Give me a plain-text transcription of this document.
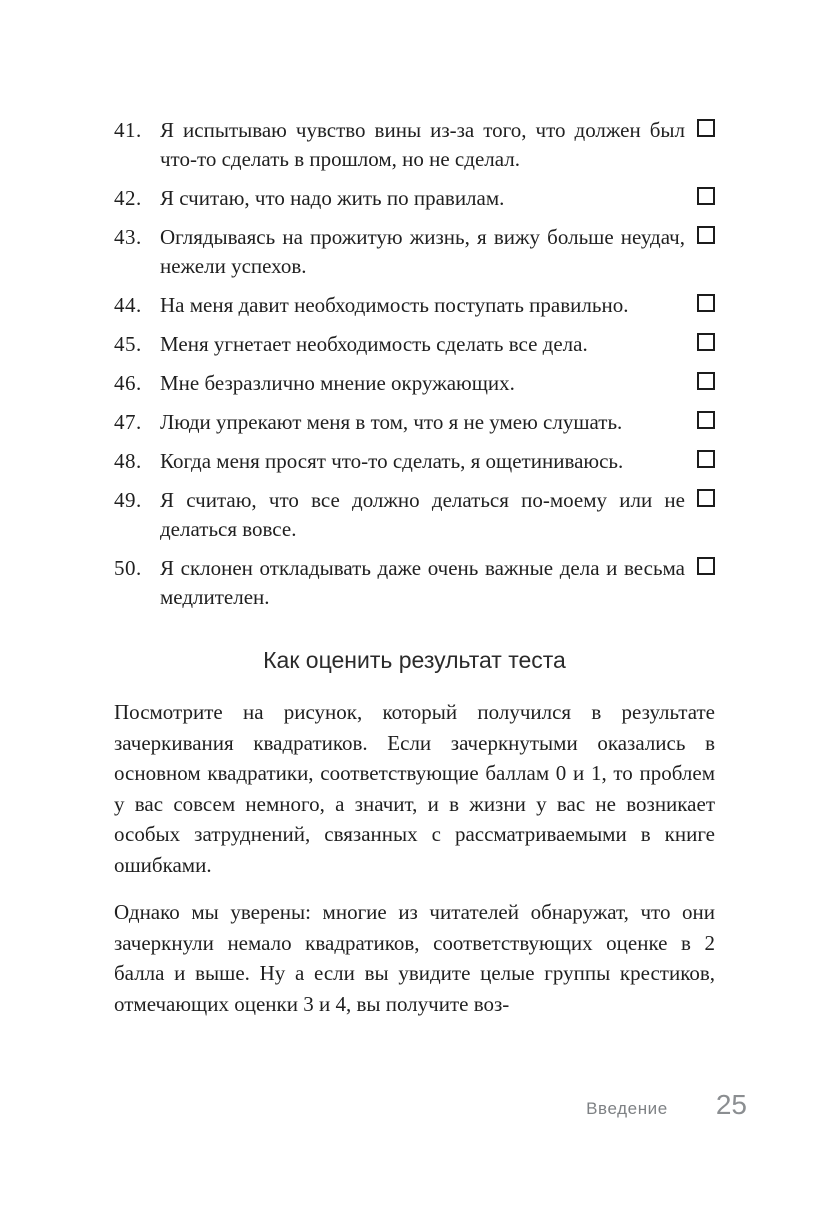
41. Я испытываю чувство вины из-за того, что должен был что-то сделать в прошлом, но не сделал.
42. Я считаю, что надо жить по правилам.
43. Оглядываясь на прожитую жизнь, я вижу больше неудач, нежели успехов.
44. На меня давит необходимость поступать правильно.
45. Меня угнетает необходимость сделать все дела.
46. Мне безразлично мнение окружающих.
47. Люди упрекают меня в том, что я не умею слушать.
48. Когда меня просят что-то сделать, я ощетиниваюсь.
49. Я считаю, что все должно делаться по-моему или не делаться вовсе.
50. Я склонен откладывать даже очень важные дела и весьма медлителен.
Как оценить результат теста

Посмотрите на рисунок, который получился в результате зачеркивания квадратиков. Если зачеркнутыми оказались в основном квадратики, соответствующие баллам 0 и 1, то проблем у вас совсем немного, а значит, и в жизни у вас не возникает особых затруднений, связанных с рассматриваемыми в книге ошибками.

Однако мы уверены: многие из читателей обнаружат, что они зачеркнули немало квадратиков, соответствующих оценке в 2 балла и выше. Ну а если вы увидите целые группы крестиков, отмечающих оценки 3 и 4, вы получите воз-

Введение 25
